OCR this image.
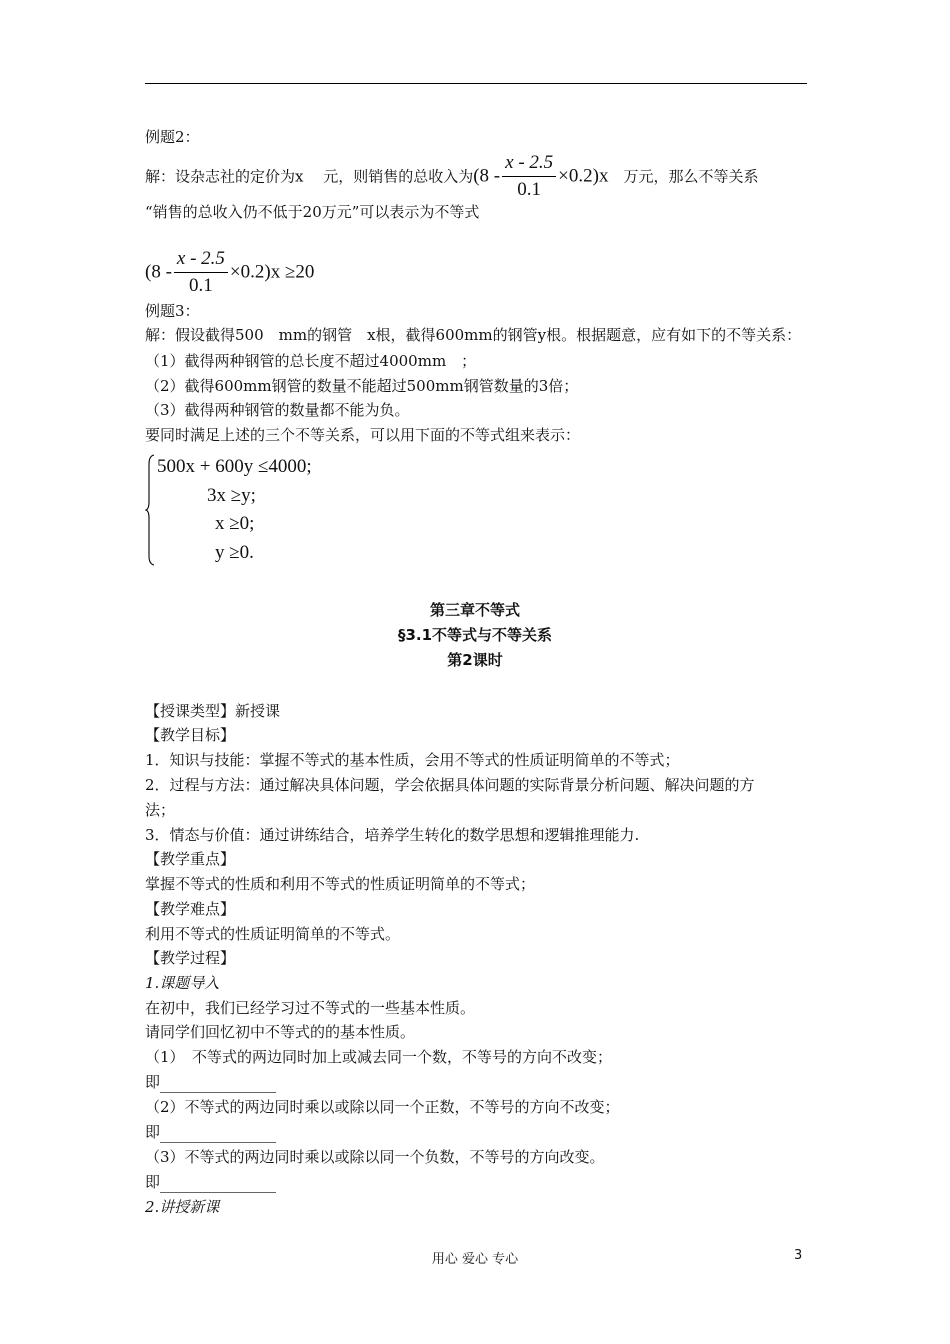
例题2：
解：设杂志社的定价为x　 元，则销售的总收入为$(8 - \frac{x - 2.5}{0.1} \times 0.2)x$　万元，那么不等关系
“销售的总收入仍不低于20万元”可以表示为不等式
$(8 - \frac{x - 2.5}{0.1} \times 0.2)x \ge 20$
例题3：
解：假设截得500　mm的钢管　x根，截得600mm的钢管y根。根据题意，应有如下的不等关系：
（1）截得两种钢管的总长度不超过4000mm　；
（2）截得600mm钢管的数量不能超过500mm钢管数量的3倍；
（3）截得两种钢管的数量都不能为负。
要同时满足上述的三个不等关系，可以用下面的不等式组来表示：
500x + 600y ≤4000;
3x ≥y;
x ≥0;
y ≥0.
第三章不等式
§3.1不等式与不等关系
第2课时
【授课类型】新授课
【教学目标】
1．知识与技能：掌握不等式的基本性质，会用不等式的性质证明简单的不等式；
2．过程与方法：通过解决具体问题，学会依据具体问题的实际背景分析问题、解决问题的方
法；
3．情态与价值：通过讲练结合，培养学生转化的数学思想和逻辑推理能力.
【教学重点】
掌握不等式的性质和利用不等式的性质证明简单的不等式；
【教学难点】
利用不等式的性质证明简单的不等式。
【教学过程】
1.课题导入
在初中，我们已经学习过不等式的一些基本性质。
请同学们回忆初中不等式的的基本性质。
（1）　不等式的两边同时加上或减去同一个数，不等号的方向不改变；
即
（2）不等式的两边同时乘以或除以同一个正数，不等号的方向不改变；
即
（3）不等式的两边同时乘以或除以同一个负数，不等号的方向改变。
即
2.讲授新课
用心 爱心 专心	3
